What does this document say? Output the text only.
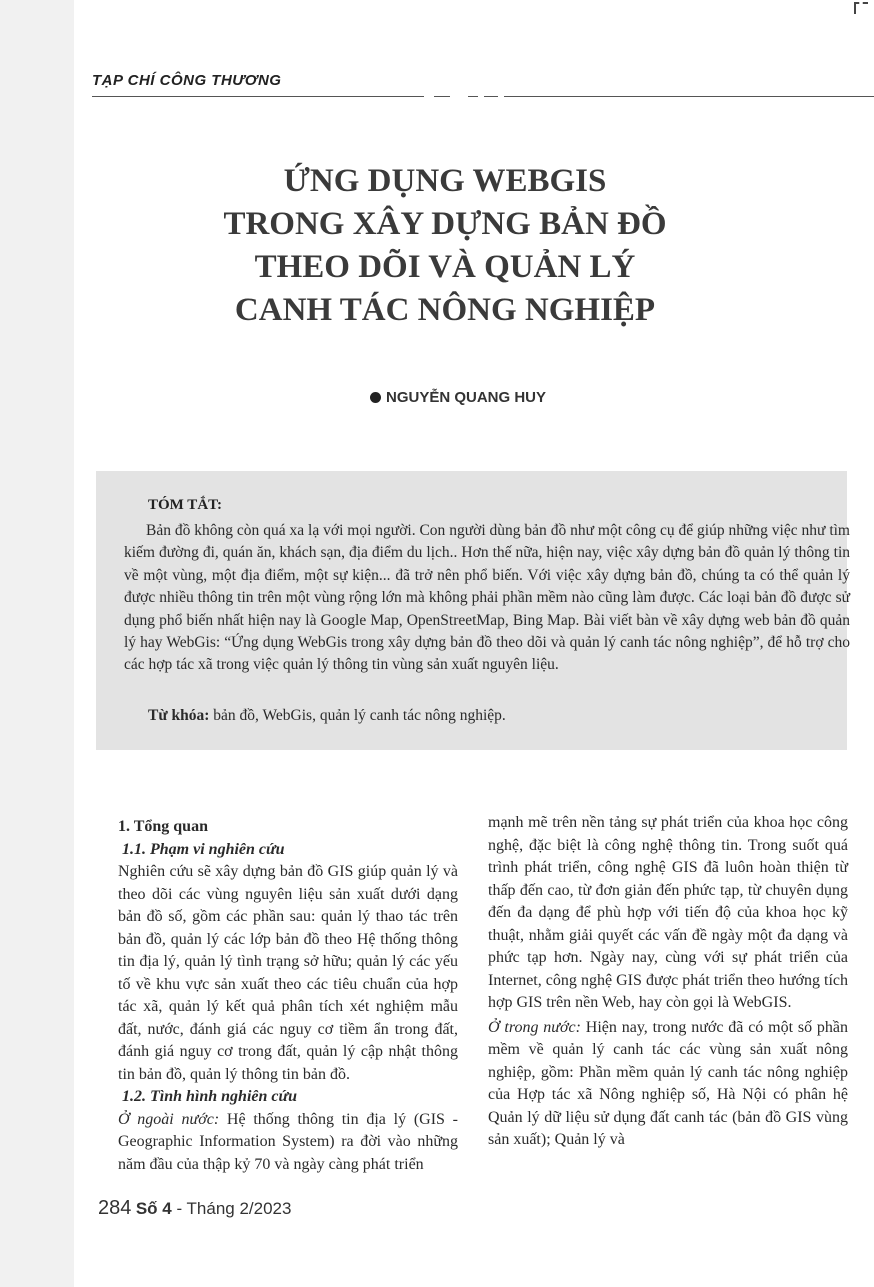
TẠP CHÍ CÔNG THƯƠNG
ỨNG DỤNG WEBGIS
TRONG XÂY DỰNG BẢN ĐỒ
THEO DÕI VÀ QUẢN LÝ
CANH TÁC NÔNG NGHIỆP
NGUYỄN QUANG HUY
TÓM TẮT:
Bản đồ không còn quá xa lạ với mọi người. Con người dùng bản đồ như một công cụ để giúp những việc như tìm kiếm đường đi, quán ăn, khách sạn, địa điểm du lịch.. Hơn thế nữa, hiện nay, việc xây dựng bản đồ quản lý thông tin về một vùng, một địa điểm, một sự kiện... đã trở nên phổ biến. Với việc xây dựng bản đồ, chúng ta có thể quản lý được nhiều thông tin trên một vùng rộng lớn mà không phải phần mềm nào cũng làm được. Các loại bản đồ được sử dụng phổ biến nhất hiện nay là Google Map, OpenStreetMap, Bing Map. Bài viết bàn về xây dựng web bản đồ quản lý hay WebGis: “Ứng dụng WebGis trong xây dựng bản đồ theo dõi và quản lý canh tác nông nghiệp”, để hỗ trợ cho các hợp tác xã trong việc quản lý thông tin vùng sản xuất nguyên liệu.
Từ khóa: bản đồ, WebGis, quản lý canh tác nông nghiệp.

1. Tổng quan

1.1. Phạm vi nghiên cứu

Nghiên cứu sẽ xây dựng bản đồ GIS giúp quản lý và theo dõi các vùng nguyên liệu sản xuất dưới dạng bản đồ số, gồm các phần sau: quản lý thao tác trên bản đồ, quản lý các lớp bản đồ theo Hệ thống thông tin địa lý, quản lý tình trạng sở hữu; quản lý các yếu tố về khu vực sản xuất theo các tiêu chuẩn của hợp tác xã, quản lý kết quả phân tích xét nghiệm mẫu đất, nước, đánh giá các nguy cơ tiềm ẩn trong đất, đánh giá nguy cơ trong đất, quản lý cập nhật thông tin bản đồ, quản lý thông tin bản đồ.

1.2. Tình hình nghiên cứu

Ở ngoài nước: Hệ thống thông tin địa lý (GIS - Geographic Information System) ra đời vào những năm đầu của thập kỷ 70 và ngày càng phát triển

mạnh mẽ trên nền tảng sự phát triển của khoa học công nghệ, đặc biệt là công nghệ thông tin. Trong suốt quá trình phát triển, công nghệ GIS đã luôn hoàn thiện từ thấp đến cao, từ đơn giản đến phức tạp, từ chuyên dụng đến đa dạng để phù hợp với tiến độ của khoa học kỹ thuật, nhằm giải quyết các vấn đề ngày một đa dạng và phức tạp hơn. Ngày nay, cùng với sự phát triển của Internet, công nghệ GIS được phát triển theo hướng tích hợp GIS trên nền Web, hay còn gọi là WebGIS.

Ở trong nước: Hiện nay, trong nước đã có một số phần mềm về quản lý canh tác các vùng sản xuất nông nghiệp, gồm: Phần mềm quản lý canh tác nông nghiệp của Hợp tác xã Nông nghiệp số, Hà Nội có phân hệ Quản lý dữ liệu sử dụng đất canh tác (bản đồ GIS vùng sản xuất); Quản lý và

284 Số 4 - Tháng 2/2023
